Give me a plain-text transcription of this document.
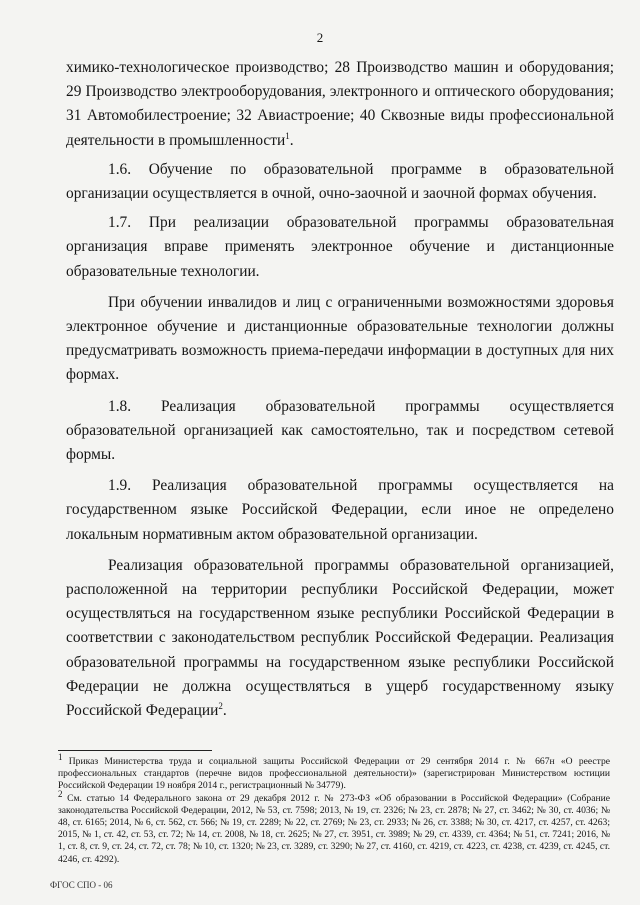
2

химико-технологическое производство; 28 Производство машин и оборудования; 29 Производство электрооборудования, электронного и оптического оборудования; 31 Автомобилестроение; 32 Авиастроение; 40 Сквозные виды профессиональной деятельности в промышленности$^1$.

1.6. Обучение по образовательной программе в образовательной организации осуществляется в очной, очно-заочной и заочной формах обучения.

1.7. При реализации образовательной программы образовательная организация вправе применять электронное обучение и дистанционные образовательные технологии.

При обучении инвалидов и лиц с ограниченными возможностями здоровья электронное обучение и дистанционные образовательные технологии должны предусматривать возможность приема-передачи информации в доступных для них формах.

1.8. Реализация образовательной программы осуществляется образовательной организацией как самостоятельно, так и посредством сетевой формы.

1.9. Реализация образовательной программы осуществляется на государственном языке Российской Федерации, если иное не определено локальным нормативным актом образовательной организации.

Реализация образовательной программы образовательной организацией, расположенной на территории республики Российской Федерации, может осуществляться на государственном языке республики Российской Федерации в соответствии с законодательством республик Российской Федерации. Реализация образовательной программы на государственном языке республики Российской Федерации не должна осуществляться в ущерб государственному языку Российской Федерации$^2$.

$^1$ Приказ Министерства труда и социальной защиты Российской Федерации от 29 сентября 2014 г. № 667н «О реестре профессиональных стандартов (перечне видов профессиональной деятельности)» (зарегистрирован Министерством юстиции Российской Федерации 19 ноября 2014 г., регистрационный № 34779).

$^2$ См. статью 14 Федерального закона от 29 декабря 2012 г. № 273-ФЗ «Об образовании в Российской Федерации» (Собрание законодательства Российской Федерации, 2012, № 53, ст. 7598; 2013, № 19, ст. 2326; № 23, ст. 2878; № 27, ст. 3462; № 30, ст. 4036; № 48, ст. 6165; 2014, № 6, ст. 562, ст. 566; № 19, ст. 2289; № 22, ст. 2769; № 23, ст. 2933; № 26, ст. 3388; № 30, ст. 4217, ст. 4257, ст. 4263; 2015, № 1, ст. 42, ст. 53, ст. 72; № 14, ст. 2008, № 18, ст. 2625; № 27, ст. 3951, ст. 3989; № 29, ст. 4339, ст. 4364; № 51, ст. 7241; 2016, № 1, ст. 8, ст. 9, ст. 24, ст. 72, ст. 78; № 10, ст. 1320; № 23, ст. 3289, ст. 3290; № 27, ст. 4160, ст. 4219, ст. 4223, ст. 4238, ст. 4239, ст. 4245, ст. 4246, ст. 4292).

ФГОС СПО - 06
